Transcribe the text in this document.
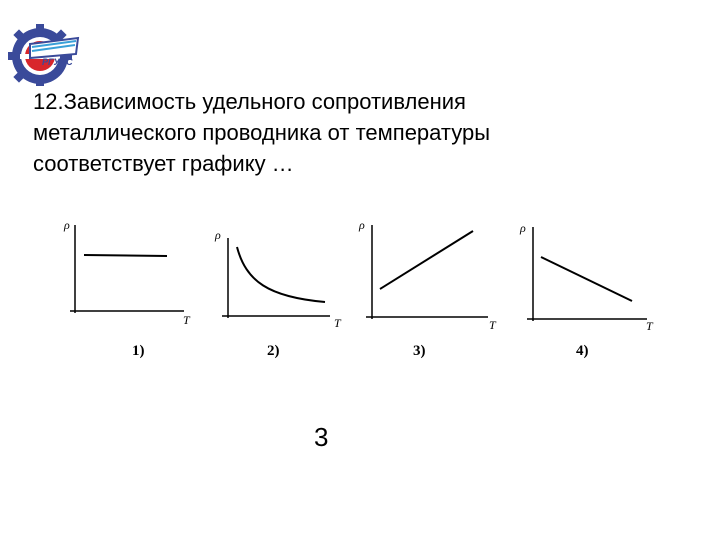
РГУПС
12.Зависимость удельного сопротивления
металлического проводника от температуры
соответствует графику …
ρ
T
ρ
T
ρ
T
ρ
T
1)	2)	3)	4)
3
